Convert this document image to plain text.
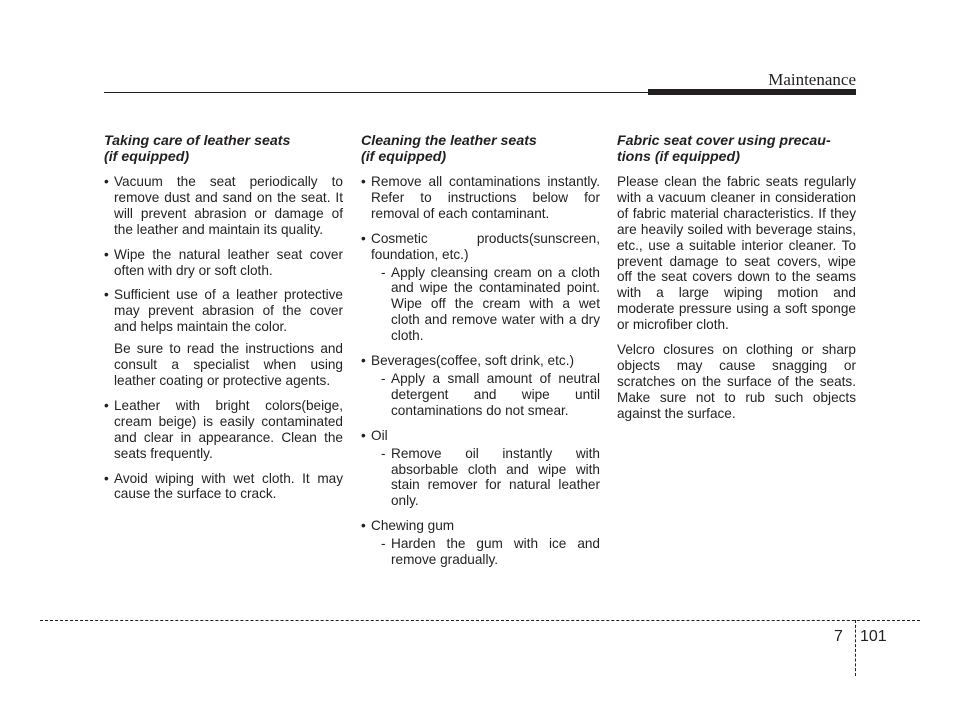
Maintenance
Taking care of leather seats
(if equipped)
• Vacuum the seat periodically to remove dust and sand on the seat. It will prevent abrasion or damage of the leather and maintain its quality.
• Wipe the natural leather seat cover often with dry or soft cloth.
• Sufficient use of a leather protective may prevent abrasion of the cover and helps maintain the color.
Be sure to read the instructions and consult a specialist when using leather coating or protective agents.
• Leather with bright colors(beige, cream beige) is easily contaminated and clear in appearance. Clean the seats frequently.
• Avoid wiping with wet cloth. It may cause the surface to crack.
Cleaning the leather seats
(if equipped)
• Remove all contaminations instantly. Refer to instructions below for removal of each contaminant.
• Cosmetic products(sunscreen, foundation, etc.)
- Apply cleansing cream on a cloth and wipe the contaminated point. Wipe off the cream with a wet cloth and remove water with a dry cloth.
• Beverages(coffee, soft drink, etc.)
- Apply a small amount of neutral detergent and wipe until contaminations do not smear.
• Oil
- Remove oil instantly with absorbable cloth and wipe with stain remover for natural leather only.
• Chewing gum
- Harden the gum with ice and remove gradually.
Fabric seat cover using precau-
tions (if equipped)
Please clean the fabric seats regularly with a vacuum cleaner in consideration of fabric material characteristics. If they are heavily soiled with beverage stains, etc., use a suitable interior cleaner. To prevent damage to seat covers, wipe off the seat covers down to the seams with a large wiping motion and moderate pressure using a soft sponge or microfiber cloth.
Velcro closures on clothing or sharp objects may cause snagging or scratches on the surface of the seats. Make sure not to rub such objects against the surface.
7 101
